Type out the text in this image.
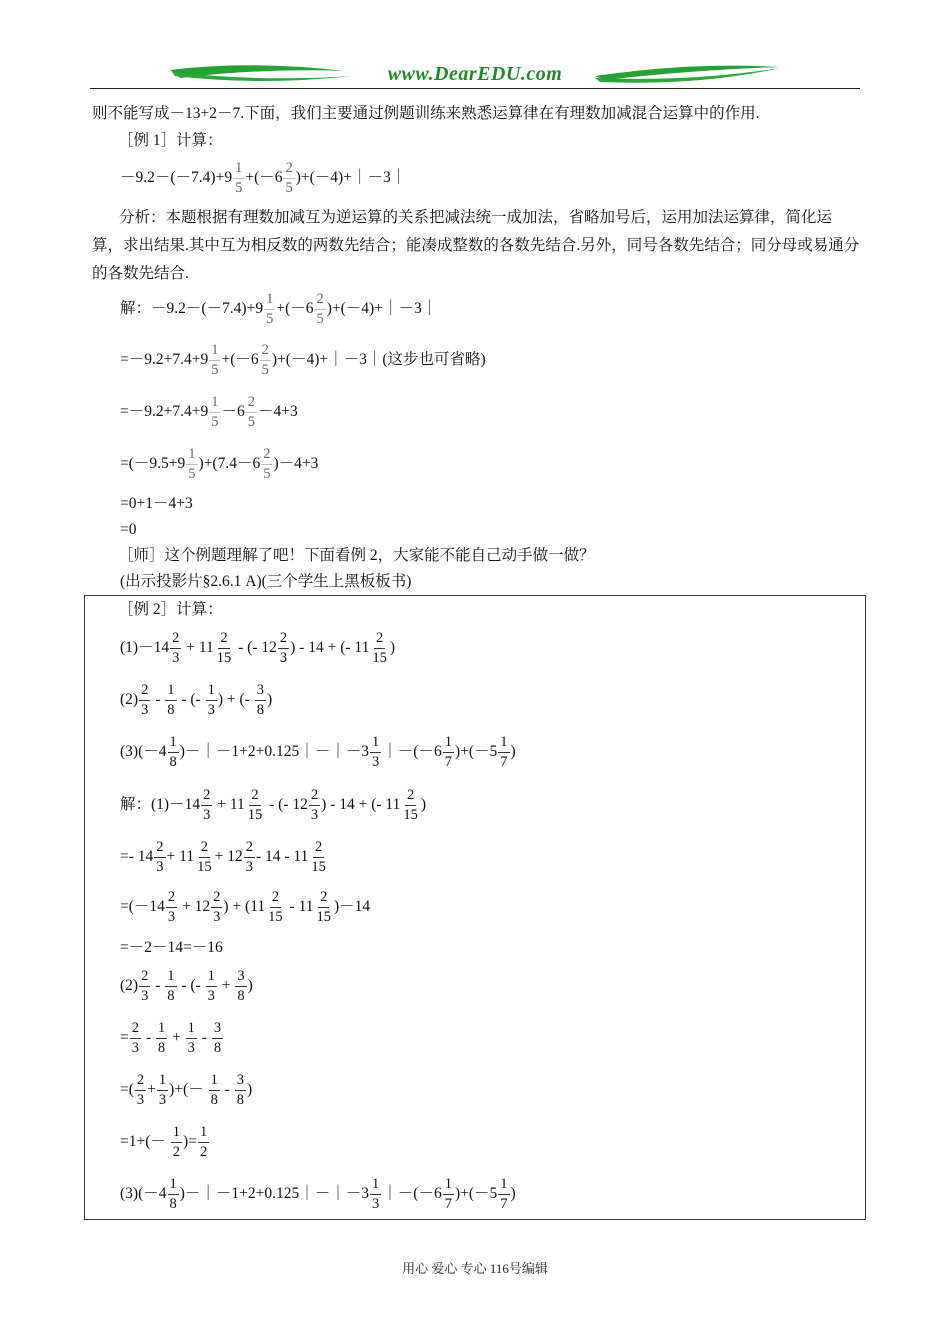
www.DearEDU.com
则不能写成－13+2－7.下面，我们主要通过例题训练来熟悉运算律在有理数加减混合运算中的作用.
［例 1］计算：
$-9.2-(-7.4)+9 \frac{1}{5} +(-6 \frac{2}{5}$ )+(－4)+｜－3｜
分析：本题根据有理数加减互为逆运算的关系把减法统一成加法，省略加号后，运用加法运算律，简化运算，求出结果.其中互为相反数的两数先结合；能凑成整数的各数先结合.另外，同号各数先结合；同分母或易通分的各数先结合.
解：$-9.2-(-7.4)+9 \frac{1}{5} +(-6 \frac{2}{5}$ )+(－4)+｜－3｜
$=-9.2+7.4+9 \frac{1}{5} +(-6 \frac{2}{5}$ )+(－4)+｜－3｜ (这步也可省略)
$=-9.2+7.4+9 \frac{1}{5} -6 \frac{2}{5} -4+3$
$=(-9.5+9 \frac{1}{5} )+(7.4-6 \frac{2}{5} )-4+3$
=0+1－4+3
=0
［师］这个例题理解了吧！下面看例 2，大家能不能自己动手做一做？
(出示投影片§2.6.1 A)(三个学生上黑板板书)
［例 2］计算：
$(1)-14 \frac{2}{3} + 11 \frac{2}{15}$ - (- $12 \frac{2}{3}$ ) - 14 + (- $11 \frac{2}{15}$ )
$(2) \frac{2}{3} - \frac{1}{8}$ - (- $\frac{1}{3}$ ) + (- $\frac{3}{8}$ )
$(3)(-4 \frac{1}{8}$ )－｜－1+2+0.125｜－｜－3 $\frac{1}{3}$ ｜－(－6 $\frac{1}{7} )+(-5 \frac{1}{7}$ )
解：$(1)-14 \frac{2}{3} + 11 \frac{2}{15}$ - (- $12 \frac{2}{3}$ ) - 14 + (- $11 \frac{2}{15}$ )
=- $14 \frac{2}{3} + 11 \frac{2}{15} + 12 \frac{2}{3} - 14 - 11 \frac{2}{15}$
$=(-14 \frac{2}{3} + 12 \frac{2}{3}$ ) + $(11 \frac{2}{15} - 11 \frac{2}{15} )-14$
=－2－14=－16
$(2) \frac{2}{3} - \frac{1}{8}$ - (- $\frac{1}{3} + \frac{3}{8}$ )
= $\frac{2}{3} - \frac{1}{8} + \frac{1}{3} - \frac{3}{8}$
=( $\frac{2}{3} + \frac{1}{3}$ )+(－ $\frac{1}{8} - \frac{3}{8}$ )
$=1+(- \frac{1}{2}$ )= $\frac{1}{2}$
$(3)(-4 \frac{1}{8}$ )－｜－1+2+0.125｜－｜－3 $\frac{1}{3}$ ｜－(－6 $\frac{1}{7} )+(-5 \frac{1}{7}$ )
用心 爱心 专心 116号编辑
